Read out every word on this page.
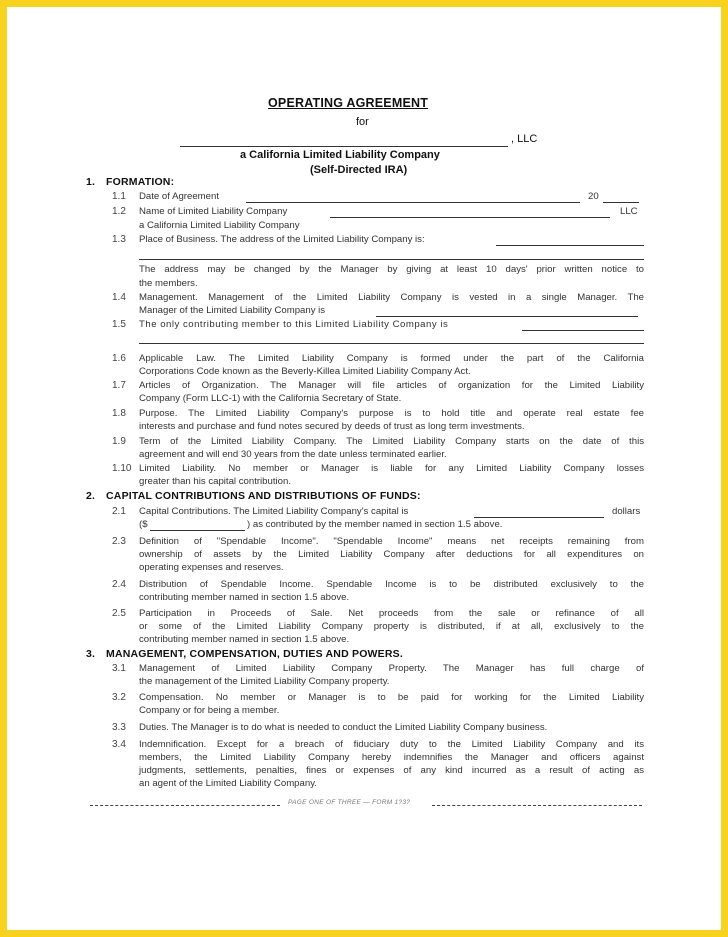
OPERATING AGREEMENT
for
, LLC
a California Limited Liability Company
(Self-Directed IRA)
1. FORMATION:
1.1 Date of Agreement	20
1.2 Name of Limited Liability Company	LLC
a California Limited Liability Company
1.3 Place of Business. The address of the Limited Liability Company is:
The address may be changed by the Manager by giving at least 10 days' prior written notice to
the members.
1.4 Management. Management of the Limited Liability Company is vested in a single Manager. The
Manager of the Limited Liability Company is
1.5 The only contributing member to this Limited Liability Company is
1.6 Applicable Law. The Limited Liability Company is formed under the part of the California
Corporations Code known as the Beverly-Killea Limited Liability Company Act.
1.7 Articles of Organization. The Manager will file articles of organization for the Limited Liability
Company (Form LLC-1) with the California Secretary of State.
1.8 Purpose. The Limited Liability Company's purpose is to hold title and operate real estate fee
interests and purchase and fund notes secured by deeds of trust as long term investments.
1.9 Term of the Limited Liability Company. The Limited Liability Company starts on the date of this
agreement and will end 30 years from the date unless terminated earlier.
1.10 Limited Liability. No member or Manager is liable for any Limited Liability Company losses
greater than his capital contribution.
2. CAPITAL CONTRIBUTIONS AND DISTRIBUTIONS OF FUNDS:
2.1 Capital Contributions. The Limited Liability Company's capital is	dollars
($	) as contributed by the member named in section 1.5 above.
2.3 Definition of "Spendable Income". "Spendable Income" means net receipts remaining from
ownership of assets by the Limited Liability Company after deductions for all expenditures on
operating expenses and reserves.
2.4 Distribution of Spendable Income. Spendable Income is to be distributed exclusively to the
contributing member named in section 1.5 above.
2.5 Participation in Proceeds of Sale. Net proceeds from the sale or refinance of all
or some of the Limited Liability Company property is distributed, if at all, exclusively to the
contributing member named in section 1.5 above.
3. MANAGEMENT, COMPENSATION, DUTIES AND POWERS.
3.1 Management of Limited Liability Company Property. The Manager has full charge of
the management of the Limited Liability Company property.
3.2 Compensation. No member or Manager is to be paid for working for the Limited Liability
Company or for being a member.
3.3 Duties. The Manager is to do what is needed to conduct the Limited Liability Company business.
3.4 Indemnification. Except for a breach of fiduciary duty to the Limited Liability Company and its
members, the Limited Liability Company hereby indemnifies the Manager and officers against
judgments, settlements, penalties, fines or expenses of any kind incurred as a result of acting as
an agent of the Limited Liability Company.
PAGE ONE OF THREE — FORM 1?3?
